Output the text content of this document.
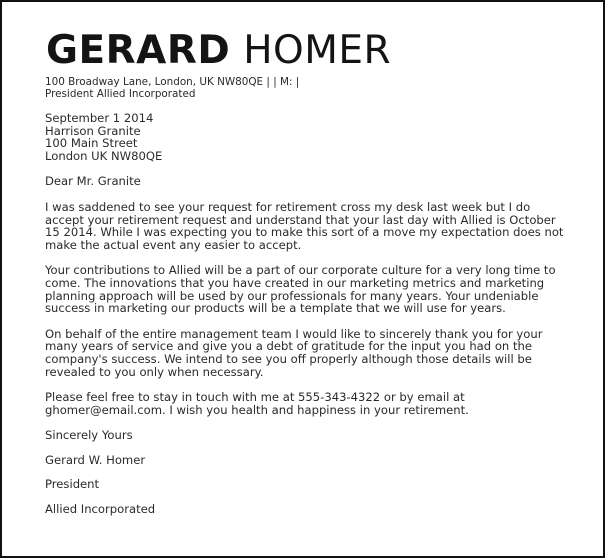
GERARD HOMER
100 Broadway Lane, London, UK NW80QE | | M: |
President Allied Incorporated
September 1 2014
Harrison Granite
100 Main Street
London UK NW80QE

Dear Mr. Granite

I was saddened to see your request for retirement cross my desk last week but I do accept your retirement request and understand that your last day with Allied is October 15 2014. While I was expecting you to make this sort of a move my expectation does not make the actual event any easier to accept.

Your contributions to Allied will be a part of our corporate culture for a very long time to come. The innovations that you have created in our marketing metrics and marketing planning approach will be used by our professionals for many years. Your undeniable success in marketing our products will be a template that we will use for years.

On behalf of the entire management team I would like to sincerely thank you for your many years of service and give you a debt of gratitude for the input you had on the company's success. We intend to see you off properly although those details will be revealed to you only when necessary.

Please feel free to stay in touch with me at 555-343-4322 or by email at ghomer@email.com. I wish you health and happiness in your retirement.

Sincerely Yours
Gerard W. Homer
President
Allied Incorporated
